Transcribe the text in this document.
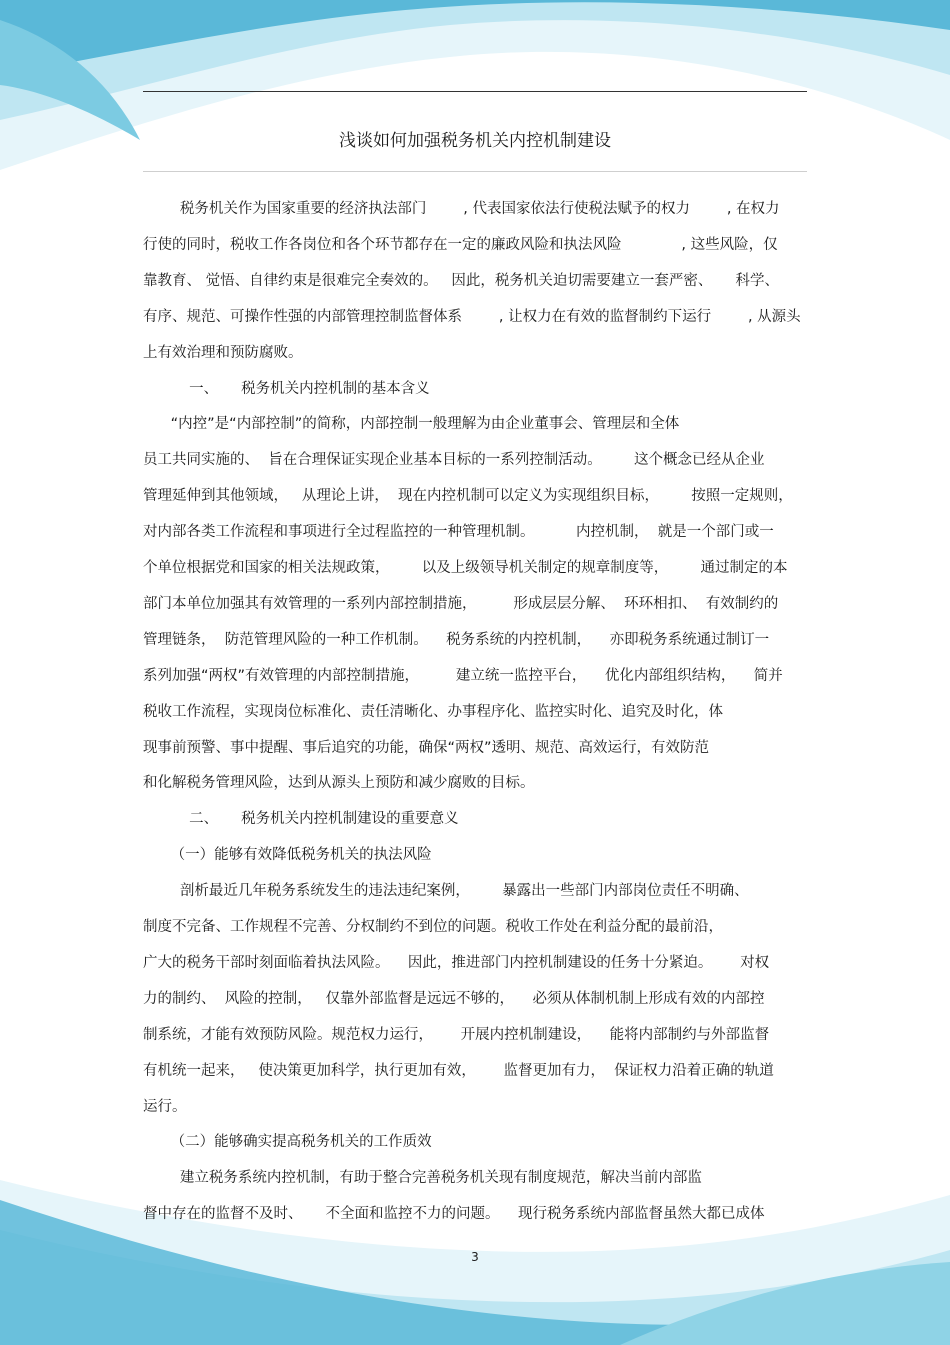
浅谈如何加强税务机关内控机制建设
税务机关作为国家重要的经济执法部门        , 代表国家依法行使税法赋予的权力        , 在权力
行使的同时，税收工作各岗位和各个环节都存在一定的廉政风险和执法风险             , 这些风险，仅
靠教育、 觉悟、自律约束是很难完全奏效的。   因此，税务机关迫切需要建立一套严密、     科学、
有序、规范、可操作性强的内部管理控制监督体系        , 让权力在有效的监督制约下运行        , 从源头
上有效治理和预防腐败。
一、     税务机关内控机制的基本含义
“内控”是“内部控制”的简称，内部控制一般理解为由企业董事会、管理层和全体
员工共同实施的、  旨在合理保证实现企业基本目标的一系列控制活动。       这个概念已经从企业
管理延伸到其他领域，   从理论上讲，  现在内控机制可以定义为实现组织目标，       按照一定规则，
对内部各类工作流程和事项进行全过程监控的一种管理机制。         内控机制，  就是一个部门或一
个单位根据党和国家的相关法规政策，       以及上级领导机关制定的规章制度等，       通过制定的本
部门本单位加强其有效管理的一系列内部控制措施，        形成层层分解、  环环相扣、  有效制约的
管理链条，  防范管理风险的一种工作机制。    税务系统的内控机制，    亦即税务系统通过制订一
系列加强“两权”有效管理的内部控制措施，        建立统一监控平台，    优化内部组织结构，    简并
税收工作流程，实现岗位标准化、责任清晰化、办事程序化、监控实时化、追究及时化，体
现事前预警、事中提醒、事后追究的功能，确保“两权”透明、规范、高效运行，有效防范
和化解税务管理风险，达到从源头上预防和减少腐败的目标。
二、     税务机关内控机制建设的重要意义
（一）能够有效降低税务机关的执法风险
剖析最近几年税务系统发生的违法违纪案例，       暴露出一些部门内部岗位责任不明确、
制度不完备、工作规程不完善、分权制约不到位的问题。税收工作处在利益分配的最前沿，
广大的税务干部时刻面临着执法风险。    因此，推进部门内控机制建设的任务十分紧迫。      对权
力的制约、  风险的控制，   仅靠外部监督是远远不够的，    必须从体制机制上形成有效的内部控
制系统，才能有效预防风险。规范权力运行，      开展内控机制建设，    能将内部制约与外部监督
有机统一起来，   使决策更加科学，执行更加有效，      监督更加有力，  保证权力沿着正确的轨道
运行。
（二）能够确实提高税务机关的工作质效
建立税务系统内控机制，有助于整合完善税务机关现有制度规范，解决当前内部监
督中存在的监督不及时、     不全面和监控不力的问题。    现行税务系统内部监督虽然大都已成体
3
